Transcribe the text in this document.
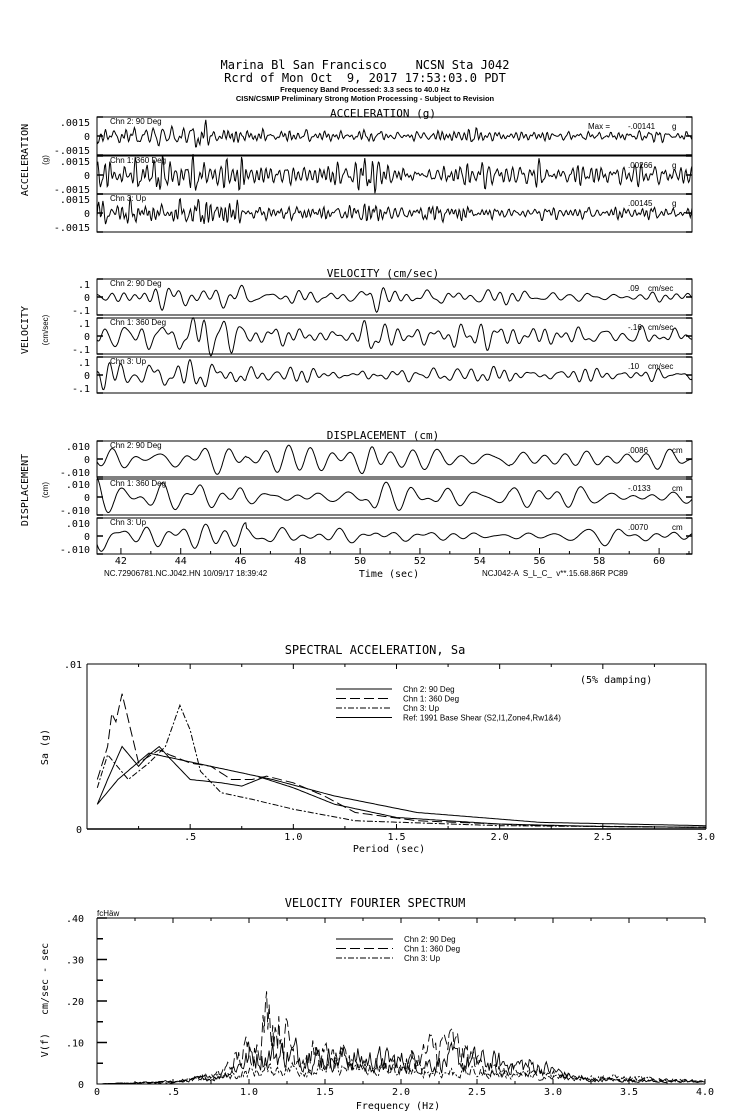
Marina Bl San Francisco    NCSN Sta J042
Rcrd of Mon Oct  9, 2017 17:53:03.0 PDT
Frequency Band Processed: 3.3 secs to 40.0 Hz
CISN/CSMIP Preliminary Strong Motion Processing - Subject to Revision
ACCELERATION (g)
ACCELERATION (g)
.0015
0
-.0015
Chn 2: 90 Deg
Max = -.00141 g
.0015
0
-.0015
Chn 1: 360 Deg
.00266 g
.0015
0
-.0015
Chn 3: Up
.00145 g
VELOCITY (cm/sec)
VELOCITY (cm/sec)
.1
0
-.1
Chn 2: 90 Deg
.09 cm/sec
.1
0
-.1
Chn 1: 360 Deg
-.16 cm/sec
.1
0
-.1
Chn 3: Up
.10 cm/sec
DISPLACEMENT (cm)
DISPLACEMENT (cm)
.010
0
-.010
Chn 2: 90 Deg
.0086	cm
.010
0
-.010
Chn 1: 360 Deg
-.0133	cm
.010
0
-.010
Chn 3: Up
.0070	cm
42	44	46	48	50	52	54	56	58	60
Time (sec)
NC.72906781.NC.J042.HN 10/09/17 18:39:42	NCJ042-A  S_L_C_  v**.15.68.86R PC89
SPECTRAL ACCELERATION, Sa
.5	1.0	1.5	2.0	2.5	3.0
.01
0
Period (sec)
Sa (g)
(5% damping)
Chn 2: 90 Deg
Chn 1: 360 Deg
Chn 3: Up
Ref: 1991 Base Shear (S2,I1,Zone4,Rw1&4)
VELOCITY FOURIER SPECTRUM
fcHäw
0	.5	1.0	1.5	2.0	2.5	3.0	3.5	4.0
.40
.30
.20
.10
0
Frequency (Hz)
V(f)   cm/sec - sec
Chn 2: 90 Deg
Chn 1: 360 Deg
Chn 3: Up
